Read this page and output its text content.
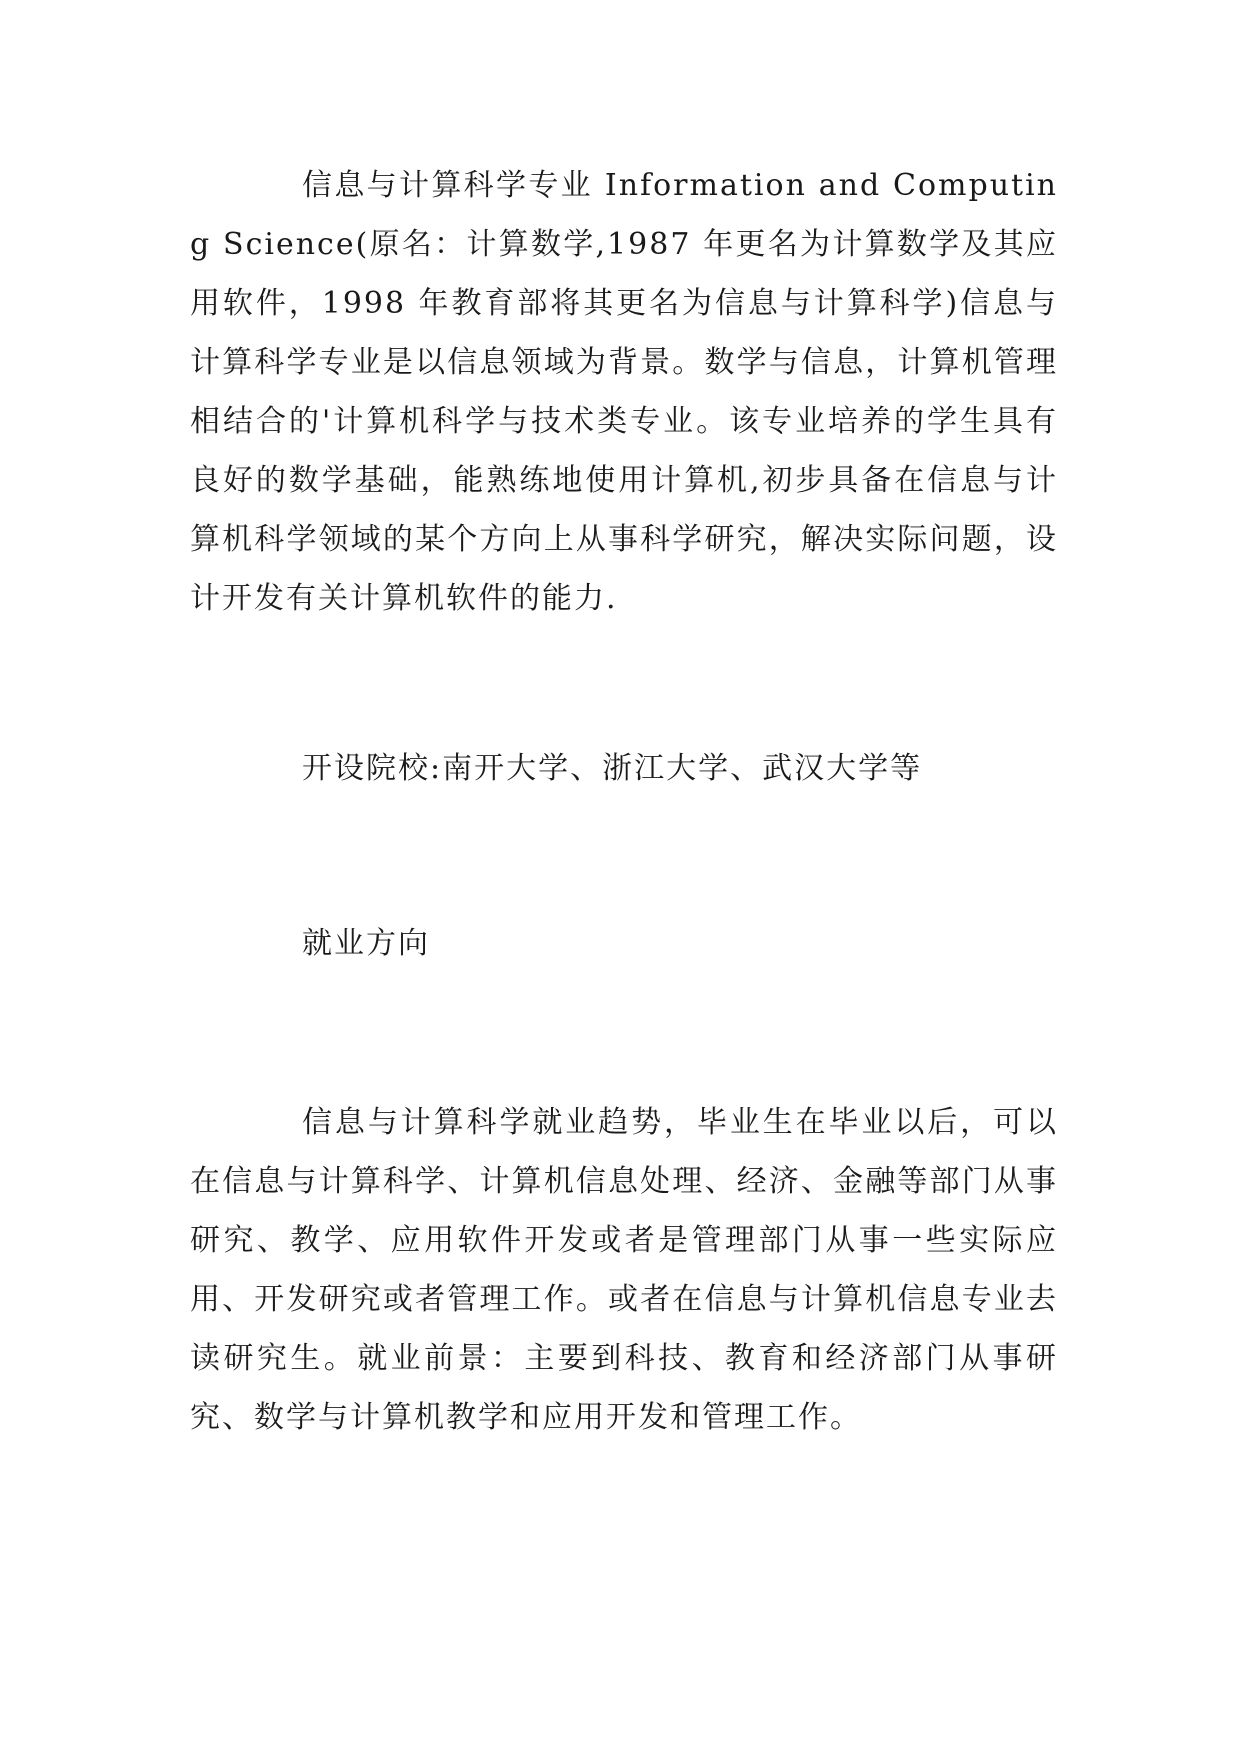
信息与计算科学专业 Information and Computing Science(原名：计算数学,1987 年更名为计算数学及其应用软件，1998 年教育部将其更名为信息与计算科学)信息与计算科学专业是以信息领域为背景。数学与信息，计算机管理相结合的'计算机科学与技术类专业。该专业培养的学生具有良好的数学基础，能熟练地使用计算机,初步具备在信息与计算机科学领域的某个方向上从事科学研究，解决实际问题，设计开发有关计算机软件的能力.

开设院校:南开大学、浙江大学、武汉大学等

就业方向

信息与计算科学就业趋势，毕业生在毕业以后，可以在信息与计算科学、计算机信息处理、经济、金融等部门从事研究、教学、应用软件开发或者是管理部门从事一些实际应用、开发研究或者管理工作。或者在信息与计算机信息专业去读研究生。就业前景：主要到科技、教育和经济部门从事研究、数学与计算机教学和应用开发和管理工作。
